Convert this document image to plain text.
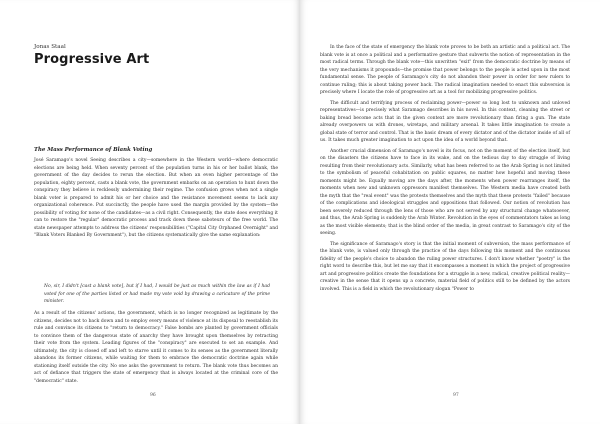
Jonas Staal
Progressive Art
The Mass Performance of Blank Voting

José Saramago's novel Seeing describes a city—somewhere in the Western world—where democratic elections are being held. When seventy percent of the population turns in his or her ballot blank, the government of the day decides to rerun the election. But when an even higher percentage of the population, eighty percent, casts a blank vote, the government embarks on an operation to hunt down the conspiracy they believe is recklessly undermining their regime. The confusion grows when not a single blank voter is prepared to admit his or her choice and the resistance movement seems to lack any organizational coherence. Put succinctly, the people have used the margin provided by the system—the possibility of voting for none of the candidates—as a civil right. Consequently, the state does everything it can to restore the "regular" democratic process and track down these saboteurs of the free world. The state newspaper attempts to address the citizens' responsibilities ("Capital City Orphaned Overnight" and "Blank Voters Blanked By Government"), but the citizens systematically give the same explanation:

No, sir, I didn't [cast a blank vote], but if I had, I would be just as much within the law as if I had voted for one of the parties listed or had made my vote void by drawing a caricature of the prime minister.

As a result of the citizens' actions, the government, which is no longer recognized as legitimate by the citizens, decides not to back down and to employ every means of violence at its disposal to reestablish its rule and convince its citizens to "return to democracy." False bombs are planted by government officials to convince them of the dangerous state of anarchy they have brought upon themselves by retracting their vote from the system. Leading figures of the "conspiracy" are executed to set an example. And ultimately, the city is closed off and left to starve until it comes to its senses as the government literally abandons its former citizens, while waiting for them to embrace the democratic doctrine again while stationing itself outside the city. No one asks the government to return. The blank vote thus becomes an act of defiance that triggers the state of emergency that is always located at the criminal core of the "democratic" state.

96

In the face of the state of emergency the blank vote proves to be both an artistic and a political act. The blank vote is at once a political and a performative gesture that subverts the notion of representation in the most radical terms. Through the blank vote—this unwritten "exit" from the democratic doctrine by means of the very mechanisms it propounds—the promise that power belongs to the people is acted upon in the most fundamental sense. The people of Saramago's city do not abandon their power in order for new rulers to continue ruling; this is about taking power back. The radical imagination needed to enact this subversion is precisely where I locate the role of progressive art as a tool for mobilizing progressive politics.

The difficult and terrifying process of reclaiming power—power so long lost to unknown and unloved representatives—is precisely what Saramago describes in his novel. In this context, cleaning the street or baking bread become acts that in the given context are more revolutionary than firing a gun. The state already overpowers us with drones, wiretaps, and military arsenal. It takes little imagination to create a global state of terror and control. That is the basic dream of every dictator and of the dictator inside of all of us. It takes much greater imagination to act upon the idea of a world beyond that.

Another crucial dimension of Saramago's novel is its focus, not on the moment of the election itself, but on the disasters the citizens have to face in its wake, and on the tedious day to day struggle of living resulting from their revolutionary acts. Similarly, what has been referred to as the Arab Spring is not limited to the symbolism of peaceful cohabitation on public squares, no matter how hopeful and moving these moments might be. Equally moving are the days after, the moments when power rearranges itself, the moments when new and unknown oppressors manifest themselves. The Western media have created both the myth that the "real event" was the protests themselves and the myth that these protests "failed" because of the complications and ideological struggles and oppositions that followed. Our notion of revolution has been severely reduced through the lens of those who are not served by any structural change whatsoever, and thus, the Arab Spring is suddenly the Arab Winter. Revolution in the eyes of commentators takes as long as the most visible elements; that is the blind order of the media, in great contrast to Saramago's city of the seeing.

The significance of Saramago's story is that the initial moment of subversion, the mass performance of the blank vote, is valued only through the practice of the days following this moment and the continuous fidelity of the people's choice to abandon the ruling power structures. I don't know whether "poetry" is the right word to describe this, but let me say that it encompasses a moment in which the project of progressive art and progressive politics create the foundations for a struggle in a new, radical, creative political reality—creative in the sense that it opens up a concrete, material field of politics still to be defined by the actors involved. This is a field in which the revolutionary slogan "Power to

97
